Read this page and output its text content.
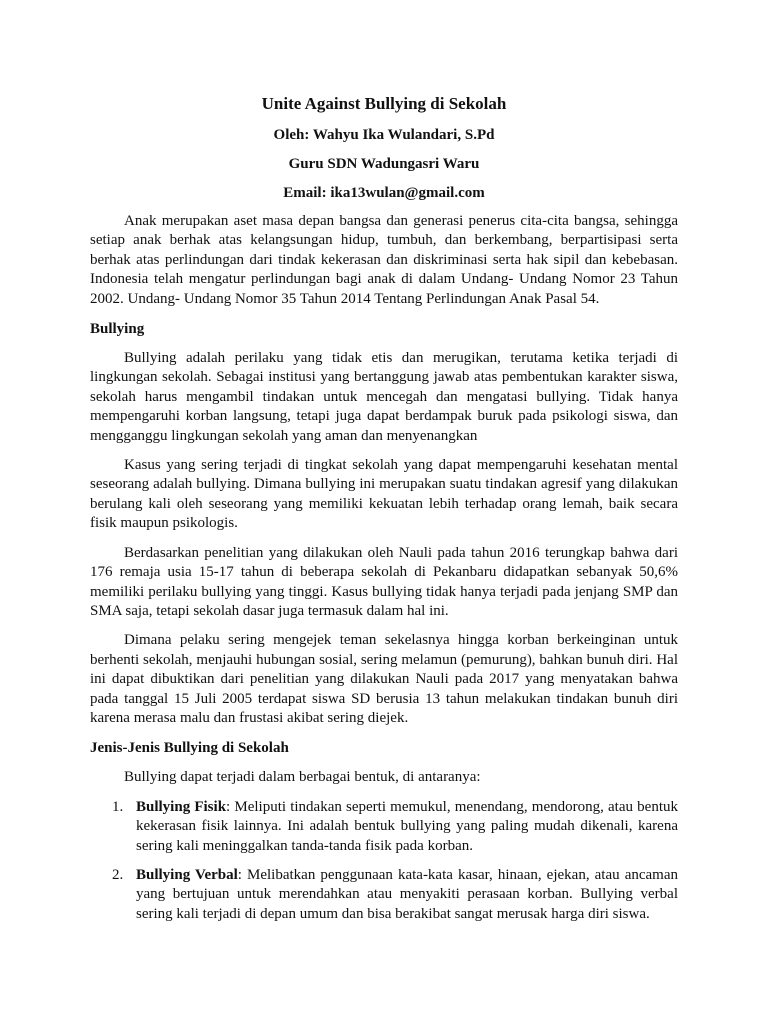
Unite Against Bullying di Sekolah
Oleh: Wahyu Ika Wulandari, S.Pd
Guru SDN Wadungasri Waru
Email: ika13wulan@gmail.com

Anak merupakan aset masa depan bangsa dan generasi penerus cita-cita bangsa, sehingga setiap anak berhak atas kelangsungan hidup, tumbuh, dan berkembang, berpartisipasi serta berhak atas perlindungan dari tindak kekerasan dan diskriminasi serta hak sipil dan kebebasan. Indonesia telah mengatur perlindungan bagi anak di dalam Undang- Undang Nomor 23 Tahun 2002. Undang- Undang Nomor 35 Tahun 2014 Tentang Perlindungan Anak Pasal 54.

Bullying

Bullying adalah perilaku yang tidak etis dan merugikan, terutama ketika terjadi di lingkungan sekolah. Sebagai institusi yang bertanggung jawab atas pembentukan karakter siswa, sekolah harus mengambil tindakan untuk mencegah dan mengatasi bullying. Tidak hanya mempengaruhi korban langsung, tetapi juga dapat berdampak buruk pada psikologi siswa, dan mengganggu lingkungan sekolah yang aman dan menyenangkan

Kasus yang sering terjadi di tingkat sekolah yang dapat mempengaruhi kesehatan mental seseorang adalah bullying. Dimana bullying ini merupakan suatu tindakan agresif yang dilakukan berulang kali oleh seseorang yang memiliki kekuatan lebih terhadap orang lemah, baik secara fisik maupun psikologis.

Berdasarkan penelitian yang dilakukan oleh Nauli pada tahun 2016 terungkap bahwa dari 176 remaja usia 15-17 tahun di beberapa sekolah di Pekanbaru didapatkan sebanyak 50,6% memiliki perilaku bullying yang tinggi. Kasus bullying tidak hanya terjadi pada jenjang SMP dan SMA saja, tetapi sekolah dasar juga termasuk dalam hal ini.

Dimana pelaku sering mengejek teman sekelasnya hingga korban berkeinginan untuk berhenti sekolah, menjauhi hubungan sosial, sering melamun (pemurung), bahkan bunuh diri. Hal ini dapat dibuktikan dari penelitian yang dilakukan Nauli pada 2017 yang menyatakan bahwa pada tanggal 15 Juli 2005 terdapat siswa SD berusia 13 tahun melakukan tindakan bunuh diri karena merasa malu dan frustasi akibat sering diejek.

Jenis-Jenis Bullying di Sekolah

Bullying dapat terjadi dalam berbagai bentuk, di antaranya:

1. Bullying Fisik: Meliputi tindakan seperti memukul, menendang, mendorong, atau bentuk kekerasan fisik lainnya. Ini adalah bentuk bullying yang paling mudah dikenali, karena sering kali meninggalkan tanda-tanda fisik pada korban.
2. Bullying Verbal: Melibatkan penggunaan kata-kata kasar, hinaan, ejekan, atau ancaman yang bertujuan untuk merendahkan atau menyakiti perasaan korban. Bullying verbal sering kali terjadi di depan umum dan bisa berakibat sangat merusak harga diri siswa.
